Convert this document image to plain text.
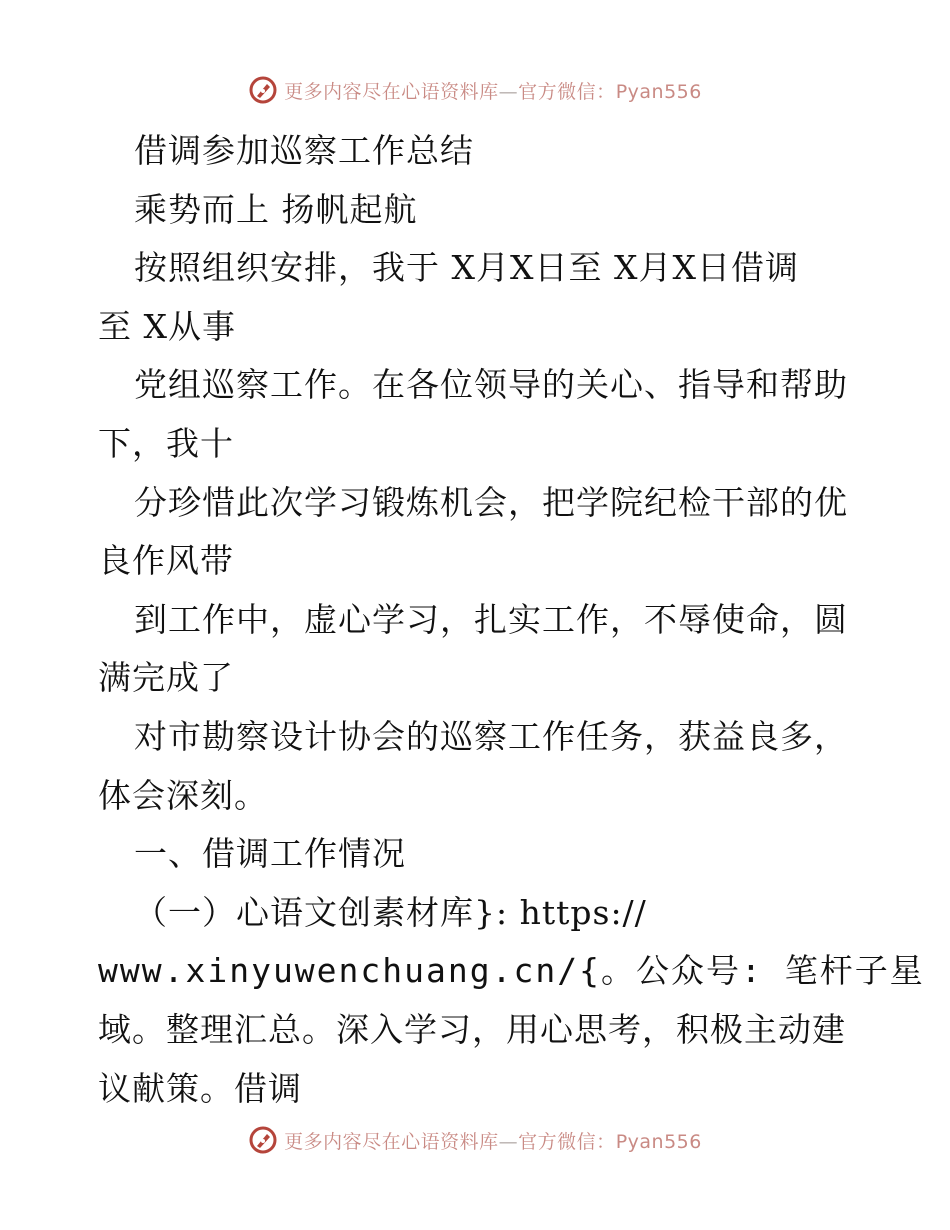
更多内容尽在心语资料库—官方微信：Pyan556
借调参加巡察工作总结
乘势而上 扬帆起航
按照组织安排，我于 X月X日至 X月X日借调
至 X从事
党组巡察工作。在各位领导的关心、指导和帮助
下，我十
分珍惜此次学习锻炼机会，把学院纪检干部的优
良作风带
到工作中，虚心学习，扎实工作，不辱使命，圆
满完成了
对市勘察设计协会的巡察工作任务，获益良多，
体会深刻。
一、借调工作情况
（一）心语文创素材库}: https://
www.xinyuwenchuang.cn/{。公众号: 笔杆子星
域。整理汇总。深入学习，用心思考，积极主动建
议献策。借调
更多内容尽在心语资料库—官方微信：Pyan556
